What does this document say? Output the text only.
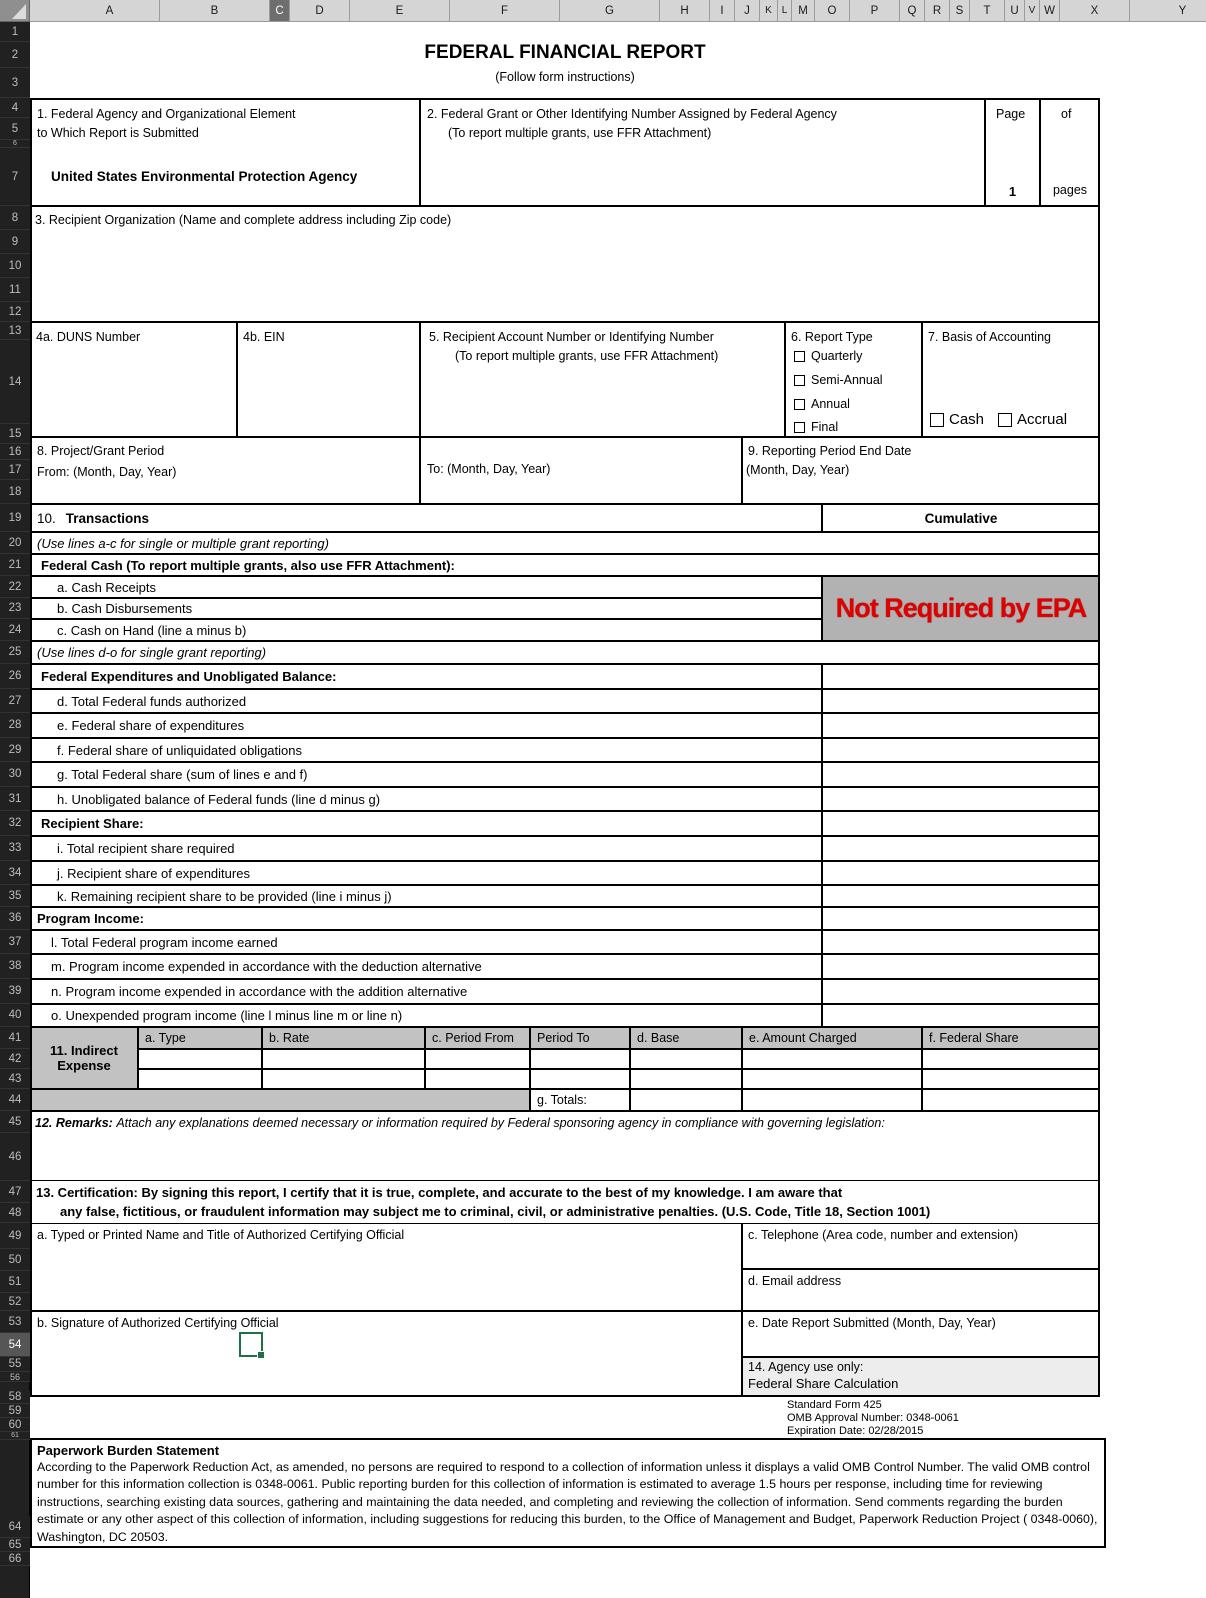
A	B	C	D	E	F	G	H	I	J	K L M	O	P	Q	R	S	T	U	V W	X	Y
1
2
3
4
5
6
7
8
9
10
11
12
13
14
15
16
17
18
19
20
21
22
23
24
25
26
27
28
29
30
31
32
33
34
35
36
37
38
39
40
41
42
43
44
45
46
47
48
49
50
51
52
53
54
55
56
58
59
60
61
64
65
66
FEDERAL FINANCIAL REPORT
(Follow form instructions)
1. Federal Agency and Organizational Element
to Which Report is Submitted
United States Environmental Protection Agency
2. Federal Grant or Other Identifying Number Assigned by Federal Agency
(To report multiple grants, use FFR Attachment)
Page
1
of
pages
3. Recipient Organization (Name and complete address including Zip code)
4a. DUNS Number	4b. EIN	5. Recipient Account Number or Identifying Number
(To report multiple grants, use FFR Attachment)
6. Report Type
Quarterly
Semi-Annual
Annual
Final
7. Basis of Accounting
Cash Accrual
8. Project/Grant Period
From: (Month, Day, Year)	To: (Month, Day, Year)
9. Reporting Period End Date
(Month, Day, Year)
10. Transactions	Cumulative
(Use lines a-c for single or multiple grant reporting)
Federal Cash (To report multiple grants, also use FFR Attachment):
a. Cash Receipts
b. Cash Disbursements
c. Cash on Hand (line a minus b)
Not Required by EPA
(Use lines d-o for single grant reporting)
Federal Expenditures and Unobligated Balance:
d. Total Federal funds authorized
e. Federal share of expenditures
f. Federal share of unliquidated obligations
g. Total Federal share (sum of lines e and f)
h. Unobligated balance of Federal funds (line d minus g)
Recipient Share:
i. Total recipient share required
j. Recipient share of expenditures
k. Remaining recipient share to be provided (line i minus j)
Program Income:
l. Total Federal program income earned
m. Program income expended in accordance with the deduction alternative
n. Program income expended in accordance with the addition alternative
o. Unexpended program income (line l minus line m or line n)
11. Indirect
Expense
a. Type	b. Rate	c. Period From	Period To	d. Base	e. Amount Charged	f. Federal Share
g. Totals:
12. Remarks: Attach any explanations deemed necessary or information required by Federal sponsoring agency in compliance with governing legislation:
13. Certification: By signing this report, I certify that it is true, complete, and accurate to the best of my knowledge. I am aware that
any false, fictitious, or fraudulent information may subject me to criminal, civil, or administrative penalties. (U.S. Code, Title 18, Section 1001)
a. Typed or Printed Name and Title of Authorized Certifying Official	c. Telephone (Area code, number and extension)
d. Email address
b. Signature of Authorized Certifying Official	e. Date Report Submitted (Month, Day, Year)
14. Agency use only:
Federal Share Calculation
Standard Form 425
OMB Approval Number: 0348-0061
Expiration Date: 02/28/2015
Paperwork Burden Statement
According to the Paperwork Reduction Act, as amended, no persons are required to respond to a collection of information unless it displays a valid OMB Control Number. The valid OMB control number for this information collection is 0348-0061. Public reporting burden for this collection of information is estimated to average 1.5 hours per response, including time for reviewing instructions, searching existing data sources, gathering and maintaining the data needed, and completing and reviewing the collection of information. Send comments regarding the burden estimate or any other aspect of this collection of information, including suggestions for reducing this burden, to the Office of Management and Budget, Paperwork Reduction Project ( 0348-0060), Washington, DC 20503.
